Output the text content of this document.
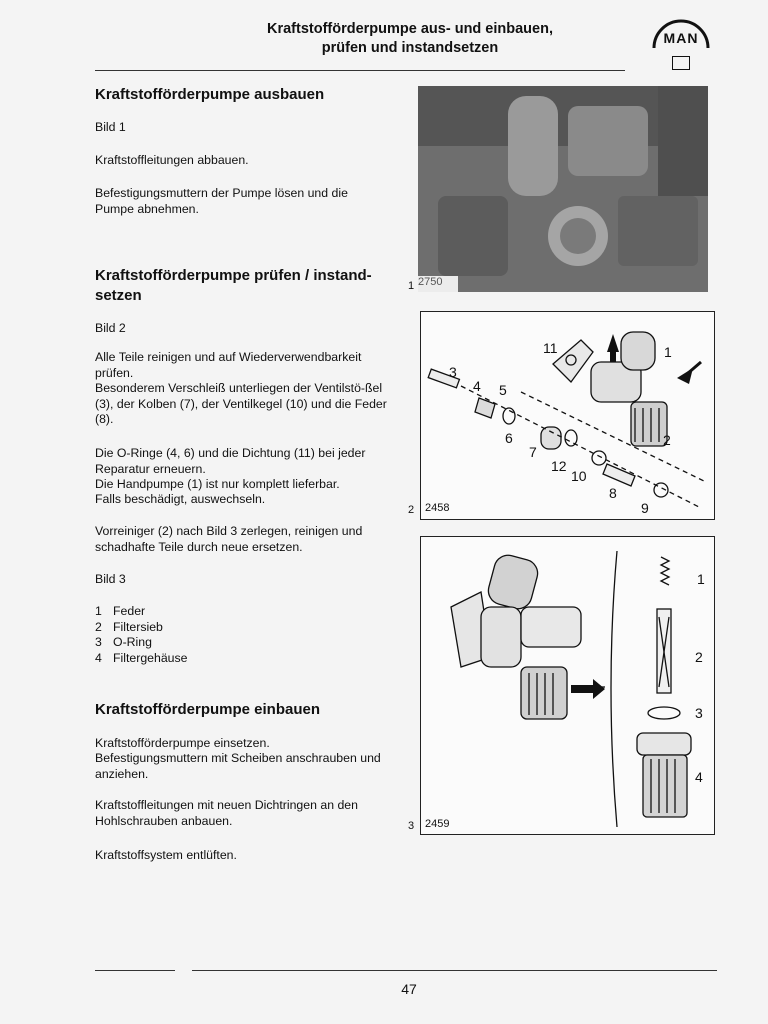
Kraftstofförderpumpe aus- und einbauen,
prüfen und instandsetzen
MAN
Kraftstofförderpumpe ausbauen
Bild 1
Kraftstoffleitungen abbauen.
Befestigungsmuttern der Pumpe lösen und die Pumpe abnehmen.
1 2750
Kraftstofförderpumpe prüfen / instand-
setzen
Bild 2
Alle Teile reinigen und auf Wiederverwendbarkeit prüfen.
Besonderem Verschleiß unterliegen der Ventilstö-ßel (3), der Kolben (7), der Ventilkegel (10) und die Feder (8).
Die O-Ringe (4, 6) und die Dichtung (11) bei jeder Reparatur erneuern.
Die Handpumpe (1) ist nur komplett lieferbar.
Falls beschädigt, auswechseln.
Vorreiniger (2) nach Bild 3 zerlegen, reinigen und schadhafte Teile durch neue ersetzen.
Bild 3
1 Feder
2 Filtersieb
3 O-Ring
4 Filtergehäuse
1
2
3
4 5
6
7
8
9
10
12
11
2 2458
1
2
3
4
3 2459
Kraftstofförderpumpe einbauen
Kraftstofförderpumpe einsetzen.
Befestigungsmuttern mit Scheiben anschrauben und anziehen.
Kraftstoffleitungen mit neuen Dichtringen an den Hohlschrauben anbauen.
Kraftstoffsystem entlüften.
47
